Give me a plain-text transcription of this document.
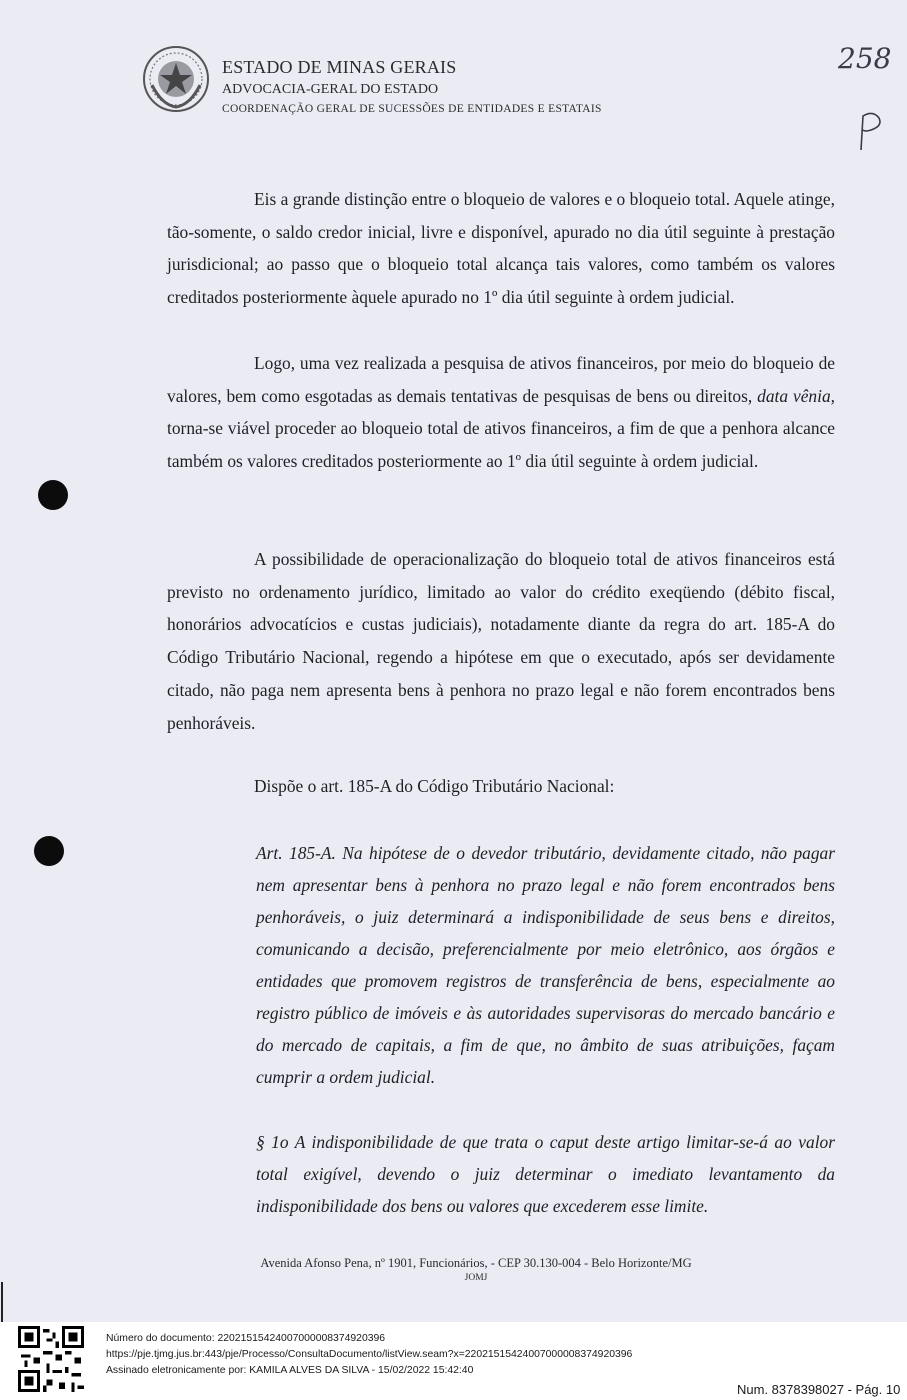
ESTADO DE MINAS GERAIS
ADVOCACIA-GERAL DO ESTADO
COORDENAÇÃO GERAL DE SUCESSÕES DE ENTIDADES E ESTATAIS
258
Eis a grande distinção entre o bloqueio de valores e o bloqueio total. Aquele atinge, tão-somente, o saldo credor inicial, livre e disponível, apurado no dia útil seguinte à prestação jurisdicional; ao passo que o bloqueio total alcança tais valores, como também os valores creditados posteriormente àquele apurado no 1º dia útil seguinte à ordem judicial.
Logo, uma vez realizada a pesquisa de ativos financeiros, por meio do bloqueio de valores, bem como esgotadas as demais tentativas de pesquisas de bens ou direitos, data vênia, torna-se viável proceder ao bloqueio total de ativos financeiros, a fim de que a penhora alcance também os valores creditados posteriormente ao 1º dia útil seguinte à ordem judicial.
A possibilidade de operacionalização do bloqueio total de ativos financeiros está previsto no ordenamento jurídico, limitado ao valor do crédito exeqüendo (débito fiscal, honorários advocatícios e custas judiciais), notadamente diante da regra do art. 185-A do Código Tributário Nacional, regendo a hipótese em que o executado, após ser devidamente citado, não paga nem apresenta bens à penhora no prazo legal e não forem encontrados bens penhoráveis.
Dispõe o art. 185-A do Código Tributário Nacional:
Art. 185-A. Na hipótese de o devedor tributário, devidamente citado, não pagar nem apresentar bens à penhora no prazo legal e não forem encontrados bens penhoráveis, o juiz determinará a indisponibilidade de seus bens e direitos, comunicando a decisão, preferencialmente por meio eletrônico, aos órgãos e entidades que promovem registros de transferência de bens, especialmente ao registro público de imóveis e às autoridades supervisoras do mercado bancário e do mercado de capitais, a fim de que, no âmbito de suas atribuições, façam cumprir a ordem judicial.
§ 1o A indisponibilidade de que trata o caput deste artigo limitar-se-á ao valor total exigível, devendo o juiz determinar o imediato levantamento da indisponibilidade dos bens ou valores que excederem esse limite.
Avenida Afonso Pena, nº 1901, Funcionários, - CEP 30.130-004 - Belo Horizonte/MG
JOMJ
Número do documento: 22021515424007000008374920396
https://pje.tjmg.jus.br:443/pje/Processo/ConsultaDocumento/listView.seam?x=22021515424007000008374920396
Assinado eletronicamente por: KAMILA ALVES DA SILVA - 15/02/2022 15:42:40
Num. 8378398027 - Pág. 10
